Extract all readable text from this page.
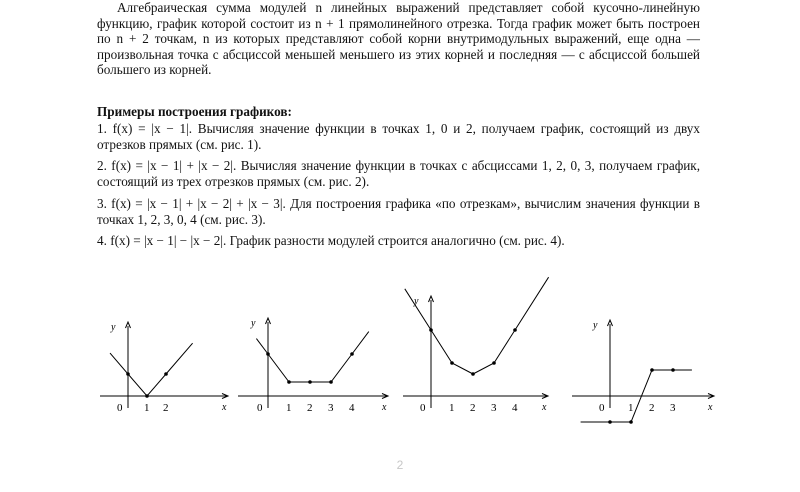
Алгебраическая сумма модулей n линейных выражений представляет собой кусочно-линейную функцию, график которой состоит из n + 1 прямолинейного отрезка. Тогда график может быть построен по n + 2 точкам, n из которых представляют собой корни внутримодульных выражений, еще одна — произвольная точка с абсциссой меньшей меньшего из этих корней и последняя — с абсциссой большей большего из корней.

Примеры построения графиков:

1. f(x) = |x − 1|. Вычисляя значение функции в точках 1, 0 и 2, получаем график, состоящий из двух отрезков прямых (см. рис. 1).

2. f(x) = |x − 1| + |x − 2|. Вычисляя значение функции в точках с абсциссами 1, 2, 0, 3, получаем график, состоящий из трех отрезков прямых (см. рис. 2).

3. f(x) = |x − 1| + |x − 2| + |x − 3|. Для построения графика «по отрезкам», вычислим значения функции в точках 1, 2, 3, 0, 4 (см. рис. 3).

4. f(x) = |x − 1| − |x − 2|. График разности модулей строится аналогично (см. рис. 4).

y
x
0 1 2
y
x
0 1 2 3 4
y
x
0 1 2 3 4
y
x
0 1 2 3
2
